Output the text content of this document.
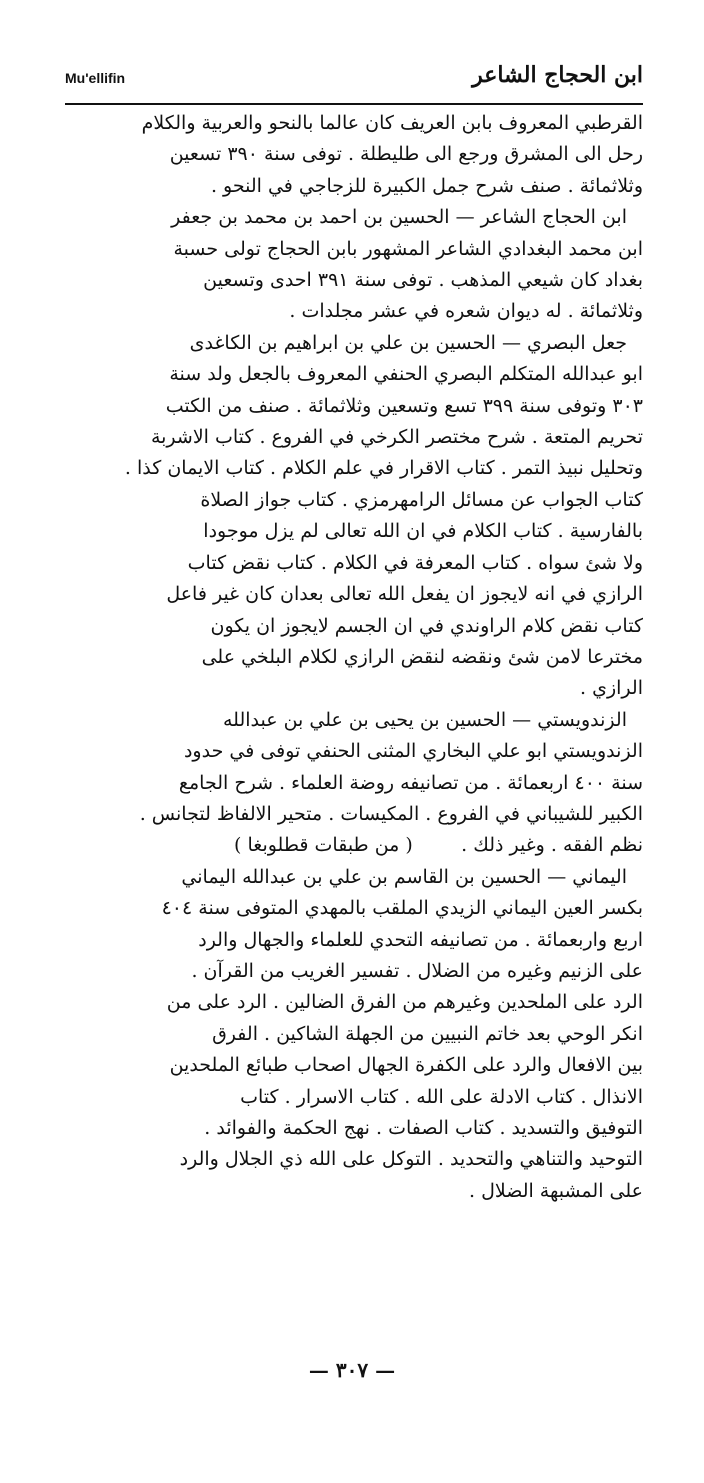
Mu'ellifin	ابن الحجاج الشاعر
القرطبي المعروف بابن العريف كان عالما بالنحو والعربية والكلام
رحل الى المشرق ورجع الى طليطلة . توفى سنة ٣٩٠ تسعين
وثلاثمائة . صنف شرح جمل الكبيرة للزجاجي في النحو .
ابن الحجاج الشاعر — الحسين بن احمد بن محمد بن جعفر
ابن محمد البغدادي الشاعر المشهور بابن الحجاج تولى حسبة
بغداد كان شيعي المذهب . توفى سنة ٣٩١ احدى وتسعين
وثلاثمائة . له ديوان شعره في عشر مجلدات .
جعل البصري — الحسين بن علي بن ابراهيم بن الكاغدى
ابو عبدالله المتكلم البصري الحنفي المعروف بالجعل ولد سنة
٣٠٣ وتوفى سنة ٣٩٩ تسع وتسعين وثلاثمائة . صنف من الكتب
تحريم المتعة . شرح مختصر الكرخي في الفروع . كتاب الاشربة
وتحليل نبيذ التمر . كتاب الاقرار في علم الكلام . كتاب الايمان كذا .
كتاب الجواب عن مسائل الرامهرمزي . كتاب جواز الصلاة
بالفارسية . كتاب الكلام في ان الله تعالى لم يزل موجودا
ولا شئ سواه . كتاب المعرفة في الكلام . كتاب نقض كتاب
الرازي في انه لايجوز ان يفعل الله تعالى بعدان كان غير فاعل
كتاب نقض كلام الراوندي في ان الجسم لايجوز ان يكون
مخترعا لامن شئ ونقضه لنقض الرازي لكلام البلخي على
الرازي .
الزندويستي — الحسين بن يحيى بن علي بن عبدالله
الزندويستي ابو علي البخاري المثنى الحنفي توفى في حدود
سنة ٤٠٠ اربعمائة . من تصانيفه روضة العلماء . شرح الجامع
الكبير للشيباني في الفروع . المكيسات . متحير الالفاظ لتجانس .
نظم الفقه . وغير ذلك .        ( من طبقات قطلوبغا )
اليماني — الحسين بن القاسم بن علي بن عبدالله اليماني
بكسر العين اليماني الزيدي الملقب بالمهدي المتوفى سنة ٤٠٤
اربع واربعمائة . من تصانيفه التحدي للعلماء والجهال والرد
على الزنيم وغيره من الضلال . تفسير الغريب من القرآن .
الرد على الملحدين وغيرهم من الفرق الضالين . الرد على من
انكر الوحي بعد خاتم النبيين من الجهلة الشاكين . الفرق
بين الافعال والرد على الكفرة الجهال اصحاب طبائع الملحدين
الانذال . كتاب الادلة على الله . كتاب الاسرار . كتاب
التوفيق والتسديد . كتاب الصفات . نهج الحكمة والفوائد .
التوحيد والتناهي والتحديد . التوكل على الله ذي الجلال والرد
على المشبهة الضلال .
— ٣٠٧ —
